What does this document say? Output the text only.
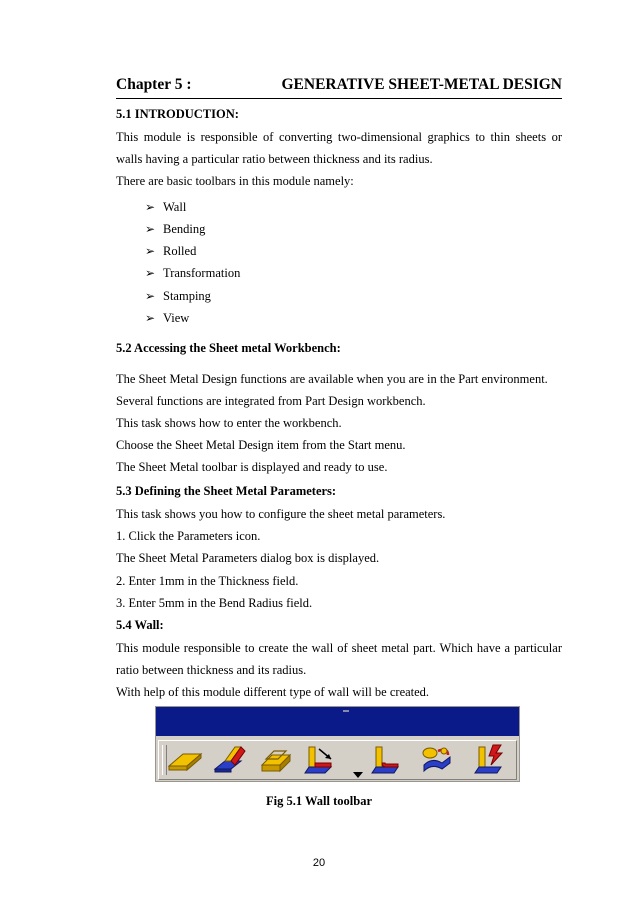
Chapter 5 :	GENERATIVE SHEET-METAL DESIGN
5.1 INTRODUCTION:
This module is responsible of converting two-dimensional graphics to thin sheets or
walls having a particular ratio between thickness and its radius.
There are basic toolbars in this module namely:
➢ Wall
➢ Bending
➢ Rolled
➢ Transformation
➢ Stamping
➢ View
5.2 Accessing the Sheet metal Workbench:
The Sheet Metal Design functions are available when you are in the Part environment.
Several functions are integrated from Part Design workbench.
This task shows how to enter the workbench.
Choose the Sheet Metal Design item from the Start menu.
The Sheet Metal toolbar is displayed and ready to use.
5.3 Defining the Sheet Metal Parameters:
This task shows you how to configure the sheet metal parameters.
1. Click the Parameters icon.
The Sheet Metal Parameters dialog box is displayed.
2. Enter 1mm in the Thickness field.
3. Enter 5mm in the Bend Radius field.
5.4 Wall:
This module responsible to create the wall of sheet metal part. Which have a particular
ratio between thickness and its radius.
With help of this module different type of wall will be created.
Fig 5.1 Wall toolbar
20
